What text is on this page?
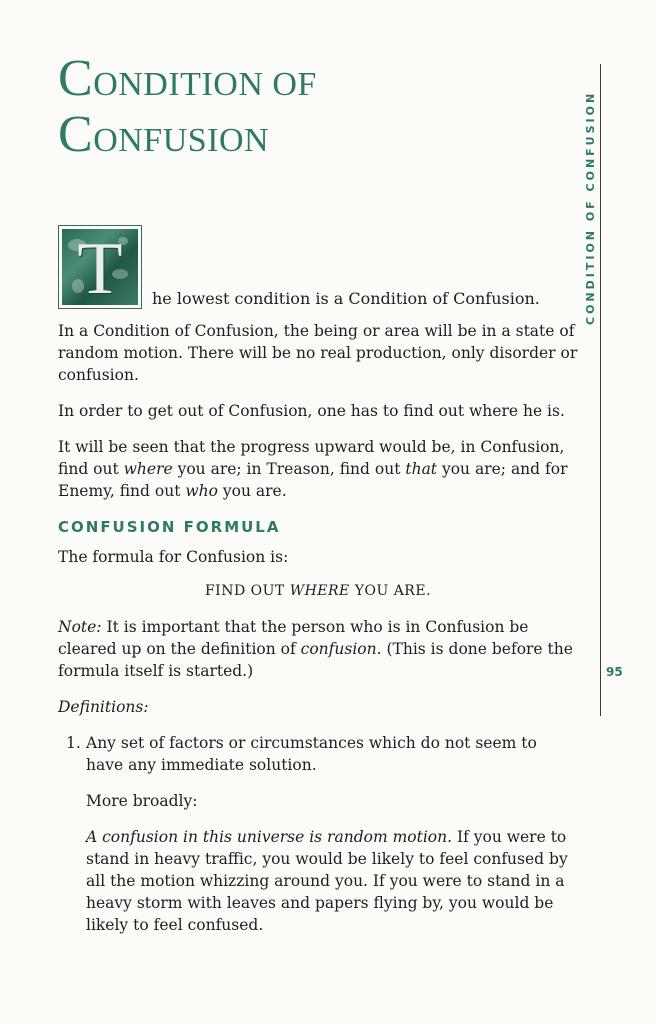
CONDITION OF
CONFUSION	CONDITION OF CONFUSION
95
T	he lowest condition is a Condition of Confusion.

In a Condition of Confusion, the being or area will be in a state of random motion. There will be no real production, only disorder or confusion.

In order to get out of Confusion, one has to find out where he is.

It will be seen that the progress upward would be, in Confusion, find out where you are; in Treason, find out that you are; and for Enemy, find out who you are.

CONFUSION FORMULA

The formula for Confusion is:

FIND OUT WHERE YOU ARE.

Note: It is important that the person who is in Confusion be cleared up on the definition of confusion. (This is done before the formula itself is started.)

Definitions:

1. Any set of factors or circumstances which do not seem to have any immediate solution.

More broadly:

A confusion in this universe is random motion. If you were to stand in heavy traffic, you would be likely to feel confused by all the motion whizzing around you. If you were to stand in a heavy storm with leaves and papers flying by, you would be likely to feel confused.
